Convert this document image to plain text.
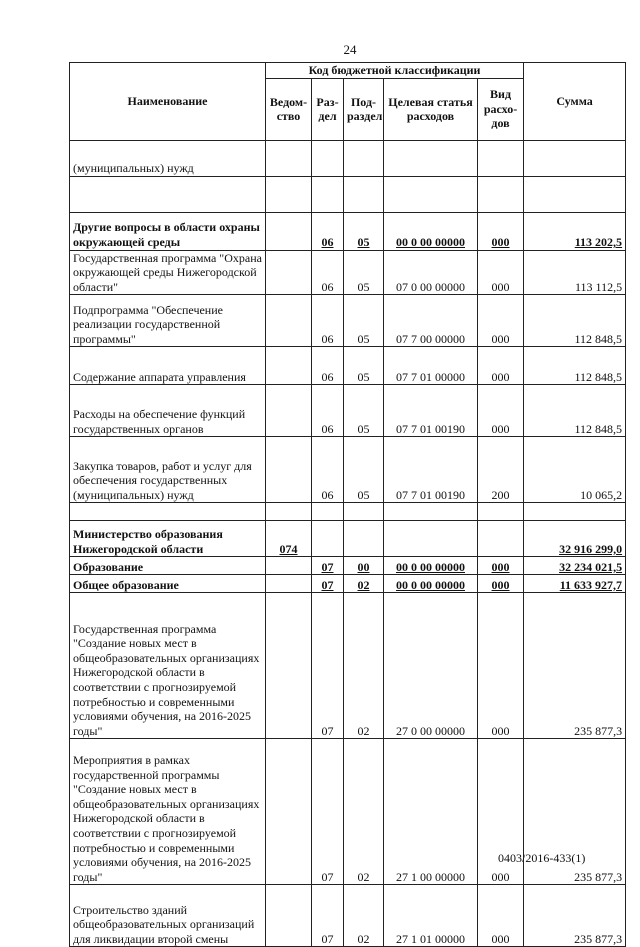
24
Наименование	Код бюджетной классификации					Сумма
	Ведом-ство	Раз-дел	Под-раздел	Целевая статья расходов	Вид расхо-дов	
(муниципальных) нужд						

Другие вопросы в области охраны окружающей среды		06	05	00 0 00 00000	000	113 202,5
Государственная программа "Охрана окружающей среды Нижегородской области"		06	05	07 0 00 00000	000	113 112,5
Подпрограмма "Обеспечение реализации государственной программы"		06	05	07 7 00 00000	000	112 848,5
Содержание аппарата управления		06	05	07 7 01 00000	000	112 848,5
Расходы на обеспечение функций государственных органов		06	05	07 7 01 00190	000	112 848,5
Закупка товаров, работ и услуг для обеспечения государственных (муниципальных) нужд		06	05	07 7 01 00190	200	10 065,2

Министерство образования Нижегородской области	074					32 916 299,0
Образование		07	00	00 0 00 00000	000	32 234 021,5
Общее образование		07	02	00 0 00 00000	000	11 633 927,7
Государственная программа "Создание новых мест в общеобразовательных организациях Нижегородской области в соответствии с прогнозируемой потребностью и современными условиями обучения, на 2016-2025 годы"		07	02	27 0 00 00000	000	235 877,3
Мероприятия в рамках государственной программы "Создание новых мест в общеобразовательных организациях Нижегородской области в соответствии с прогнозируемой потребностью и современными условиями обучения, на 2016-2025 годы"		07	02	27 1 00 00000	000	235 877,3
Строительство зданий общеобразовательных организаций для ликвидации второй смены		07	02	27 1 01 00000	000	235 877,3
0403/2016-433(1)
